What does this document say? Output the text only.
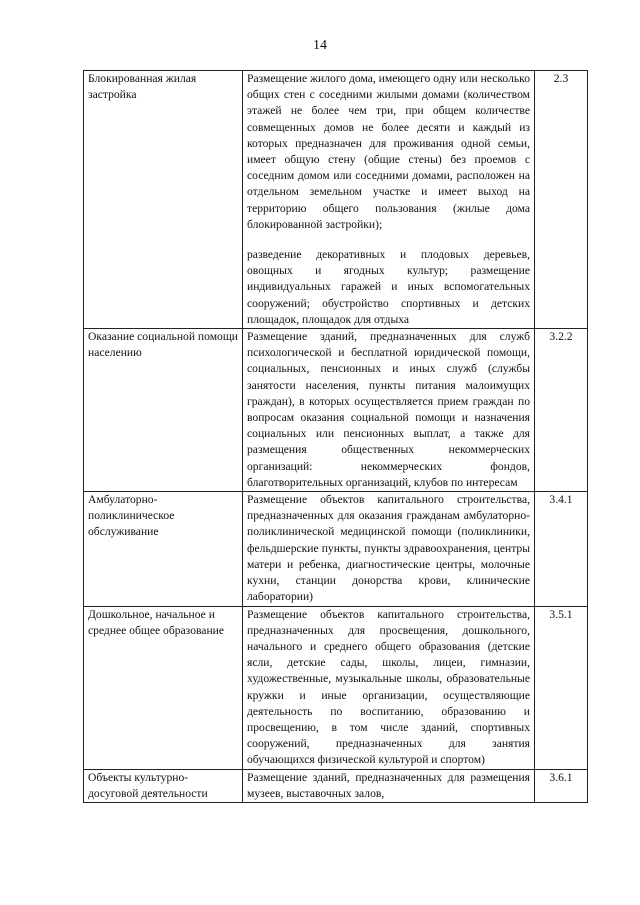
14
Блокированная жилая застройка	Размещение жилого дома, имеющего одну или несколько общих стен с соседними жилыми домами (количеством этажей не более чем три, при общем количестве совмещенных домов не более десяти и каждый из которых предназначен для проживания одной семьи, имеет общую стену (общие стены) без проемов с соседним домом или соседними домами, расположен на отдельном земельном участке и имеет выход на территорию общего пользования (жилые дома блокированной застройки);

разведение декоративных и плодовых деревьев, овощных и ягодных культур; размещение индивидуальных гаражей и иных вспомогательных сооружений; обустройство спортивных и детских площадок, площадок для отдыха	2.3
Оказание социальной помощи населению	Размещение зданий, предназначенных для служб психологической и бесплатной юридической помощи, социальных, пенсионных и иных служб (службы занятости населения, пункты питания малоимущих граждан), в которых осуществляется прием граждан по вопросам оказания социальной помощи и назначения социальных или пенсионных выплат, а также для размещения общественных некоммерческих организаций: некоммерческих фондов, благотворительных организаций, клубов по интересам	3.2.2
Амбулаторно-поликлиническое обслуживание	Размещение объектов капитального строительства, предназначенных для оказания гражданам амбулаторно-поликлинической медицинской помощи (поликлиники, фельдшерские пункты, пункты здравоохранения, центры матери и ребенка, диагностические центры, молочные кухни, станции донорства крови, клинические лаборатории)	3.4.1
Дошкольное, начальное и среднее общее образование	Размещение объектов капитального строительства, предназначенных для просвещения, дошкольного, начального и среднего общего образования (детские ясли, детские сады, школы, лицеи, гимназии, художественные, музыкальные школы, образовательные кружки и иные организации, осуществляющие деятельность по воспитанию, образованию и просвещению, в том числе зданий, спортивных сооружений, предназначенных для занятия обучающихся физической культурой и спортом)	3.5.1
Объекты культурно-досуговой деятельности	Размещение зданий, предназначенных для размещения музеев, выставочных залов,	3.6.1
